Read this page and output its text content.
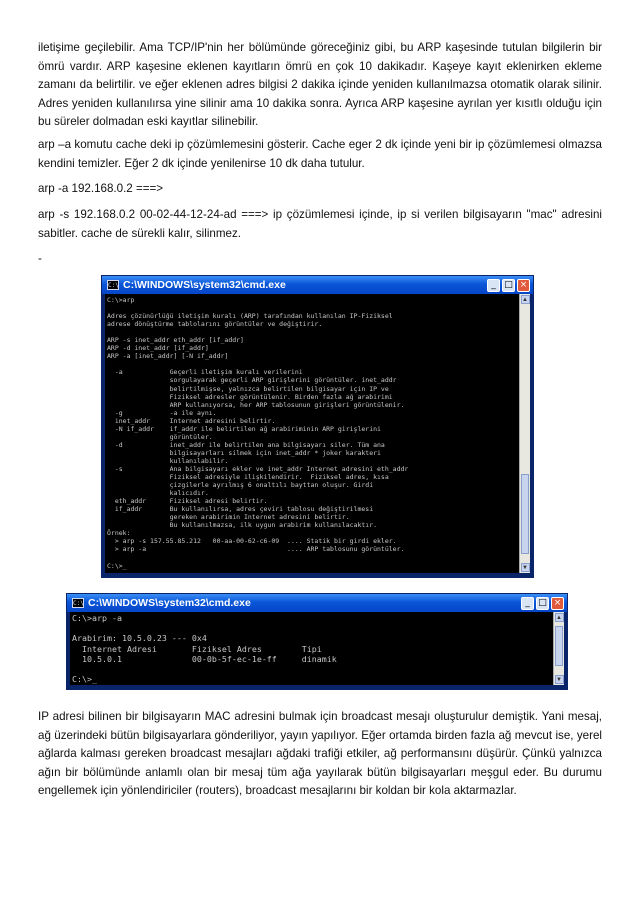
iletişime geçilebilir. Ama TCP/IP'nin her bölümünde göreceğiniz gibi, bu ARP kaşesinde tutulan bilgilerin bir ömrü vardır. ARP kaşesine eklenen kayıtların ömrü en çok 10 dakikadır. Kaşeye kayıt eklenirken ekleme zamanı da belirtilir. ve eğer eklenen adres bilgisi 2 dakika içinde yeniden kullanılmazsa otomatik olarak silinir. Adres yeniden kullanılırsa yine silinir ama 10 dakika sonra. Ayrıca ARP kaşesine ayrılan yer kısıtlı olduğu için bu süreler dolmadan eski kayıtlar silinebilir.

arp –a komutu cache deki ip çözümlemesini gösterir. Cache eger 2 dk içinde yeni bir ip çözümlemesi olmazsa kendini temizler. Eğer 2 dk içinde yenilenirse 10 dk daha tutulur.

arp -a 192.168.0.2 ===>

arp -s 192.168.0.2 00-02-44-12-24-ad ===> ip çözümlemesi içinde, ip si verilen bilgisayarın "mac" adresini sabitler. cache de sürekli kalır, silinmez.

-

C:\ C:\WINDOWS\system32\cmd.exe	_ □ ×
C:\>arp

Adres çözünürlüğü iletişim kuralı (ARP) tarafından kullanılan IP-Fiziksel
adrese dönüştürme tablolarını görüntüler ve değiştirir.

ARP -s inet_addr eth_addr [if_addr]
ARP -d inet_addr [if_addr]
ARP -a [inet_addr] [-N if_addr]

-a            Geçerli iletişim kuralı verilerini
sorgulayarak geçerli ARP girişlerini görüntüler. inet_addr
belirtilmişse, yalnızca belirtilen bilgisayar için IP ve
Fiziksel adresler görüntülenir. Birden fazla ağ arabirimi
ARP kullanıyorsa, her ARP tablosunun girişleri görüntülenir.
-g            -a ile aynı.
inet_addr     Internet adresini belirtir.
-N if_addr    if_addr ile belirtilen ağ arabiriminin ARP girişlerini
görüntüler.
-d            inet_addr ile belirtilen ana bilgisayarı siler. Tüm ana
bilgisayarları silmek için inet_addr * joker karakteri
kullanılabilir.
-s            Ana bilgisayarı ekler ve inet_addr Internet adresini eth_addr
Fiziksel adresiyle ilişkilendirir.  Fiziksel adres, kısa
çizgilerle ayrılmış 6 onaltılı bayttan oluşur. Girdi
kalıcıdır.
eth_addr      Fiziksel adresi belirtir.
if_addr       Bu kullanılırsa, adres çeviri tablosu değiştirilmesi
gereken arabirimin Internet adresini belirtir.
Bu kullanılmazsa, ilk uygun arabirim kullanılacaktır.
Örnek:
> arp -s 157.55.85.212   00-aa-00-62-c6-09  .... Statik bir girdi ekler.
> arp -a                                    .... ARP tablosunu görüntüler.

C:\>_
▲
▼
C:\ C:\WINDOWS\system32\cmd.exe	_ □ ×
C:\>arp -a

Arabirim: 10.5.0.23 --- 0x4
Internet Adresi       Fiziksel Adres        Tipi
10.5.0.1              00-0b-5f-ec-1e-ff     dinamik

C:\>_
▲
▼

IP adresi bilinen bir bilgisayarın MAC adresini bulmak için broadcast mesajı oluşturulur demiştik. Yani mesaj, ağ üzerindeki bütün bilgisayarlara gönderiliyor, yayın yapılıyor. Eğer ortamda birden fazla ağ mevcut ise, yerel ağlarda kalması gereken broadcast mesajları ağdaki trafiği etkiler, ağ performansını düşürür. Çünkü yalnızca ağın bir bölümünde anlamlı olan bir mesaj tüm ağa yayılarak bütün bilgisayarları meşgul eder. Bu durumu engellemek için yönlendiriciler (routers), broadcast mesajlarını bir koldan bir kola aktarmazlar.
